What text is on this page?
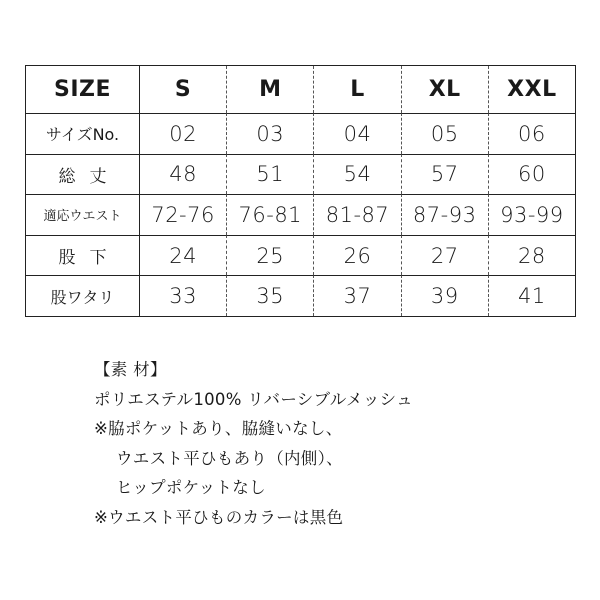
SIZE	S	M	L	XL	XXL
サイズNo.	02	03	04	05	06
総丈	48	51	54	57	60
適応ウエスト	72-76	76-81	81-87	87-93	93-99
股下	24	25	26	27	28
股ワタリ	33	35	37	39	41
【素 材】
ポリエステル100% リバーシブルメッシュ
※脇ポケットあり、脇縫いなし、
ウエスト平ひもあり（内側）、
ヒップポケットなし
※ウエスト平ひものカラーは黒色
